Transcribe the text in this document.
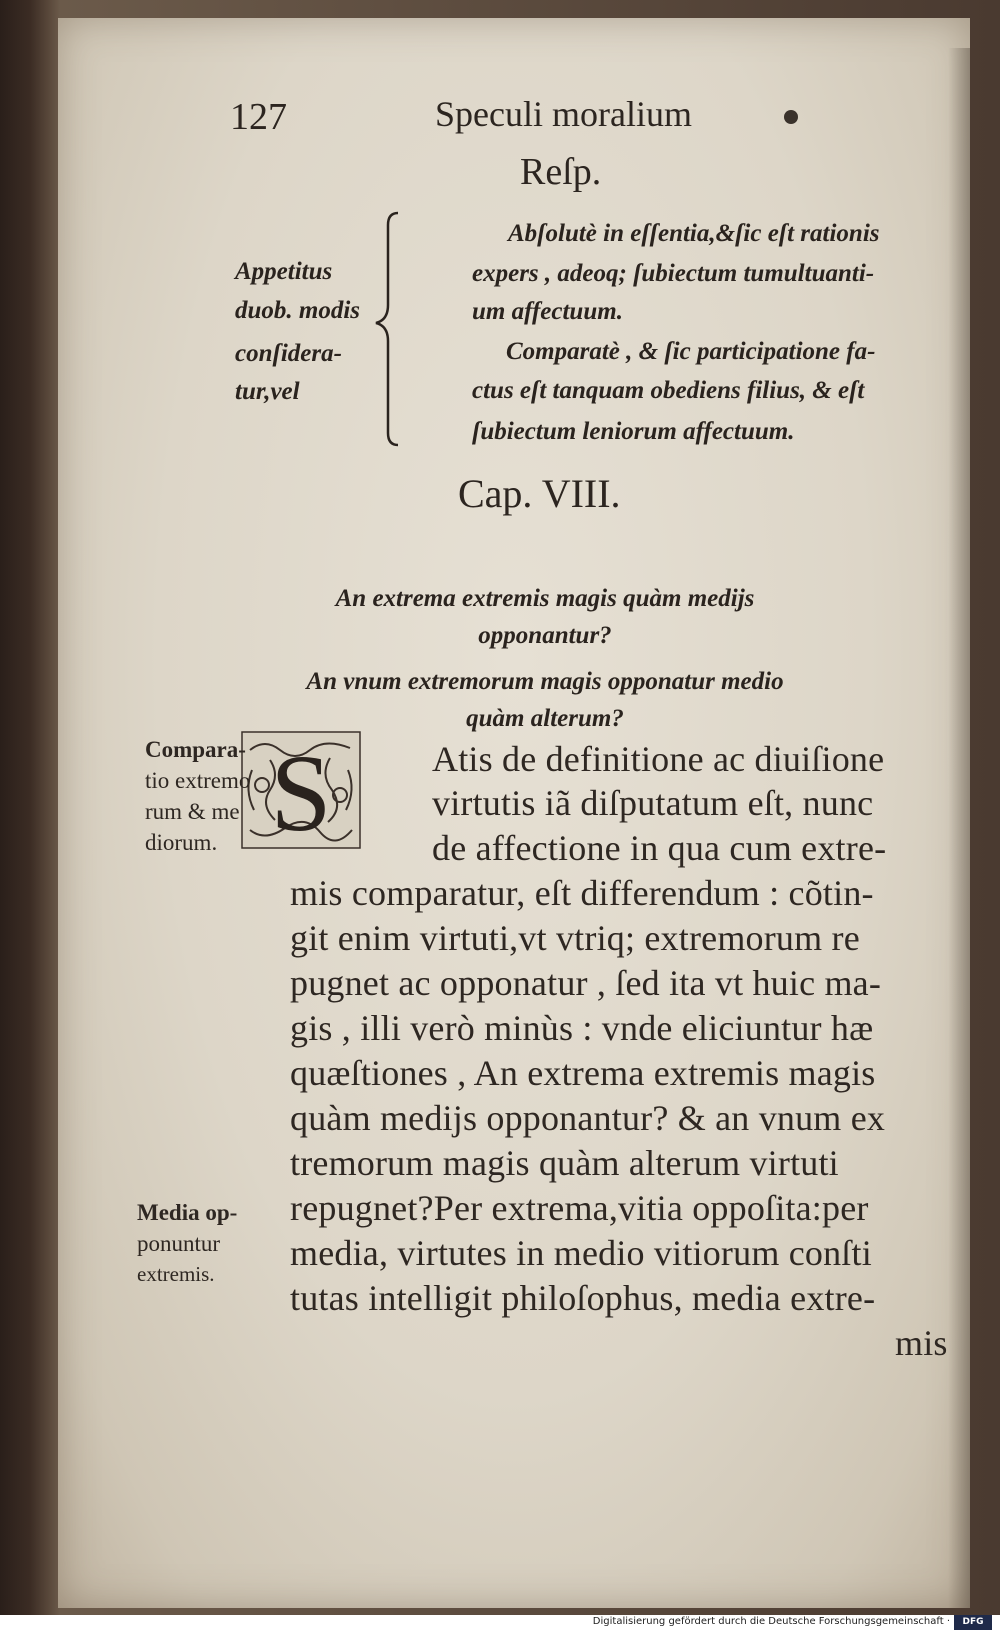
127	Speculi moralium
Reſp.
Appetitus
duob. modis
conſidera-
tur,vel
Abſolutè in eſſentia,&ſic eſt rationis
expers , adeoq; ſubiectum tumultuanti-
um affectuum.
Comparatè , & ſic participatione fa-
ctus eſt tanquam obediens filius, & eſt
ſubiectum leniorum affectuum.
Cap. VIII.
An extrema extremis magis quàm medijs
opponantur?
An vnum extremorum magis opponatur medio
quàm alterum?
S	Atis de definitione ac diuiſione
virtutis iã diſputatum eſt, nunc
de affectione in qua cum extre-
mis comparatur, eſt differendum : cõtin-
git enim virtuti,vt vtriq; extremorum re
pugnet ac opponatur , ſed ita vt huic ma-
gis , illi verò minùs : vnde eliciuntur hæ
quæſtiones , An extrema extremis magis
quàm medijs opponantur? & an vnum ex
tremorum magis quàm alterum virtuti
repugnet?Per extrema,vitia oppoſita:per
media, virtutes in medio vitiorum conſti
tutas intelligit philoſophus, media extre-
mis
Compara-
tio extremo
rum & me
diorum.
Media op-
ponuntur
extremis.
Digitalisierung gefördert durch die Deutsche Forschungsgemeinschaft ·	DFG
